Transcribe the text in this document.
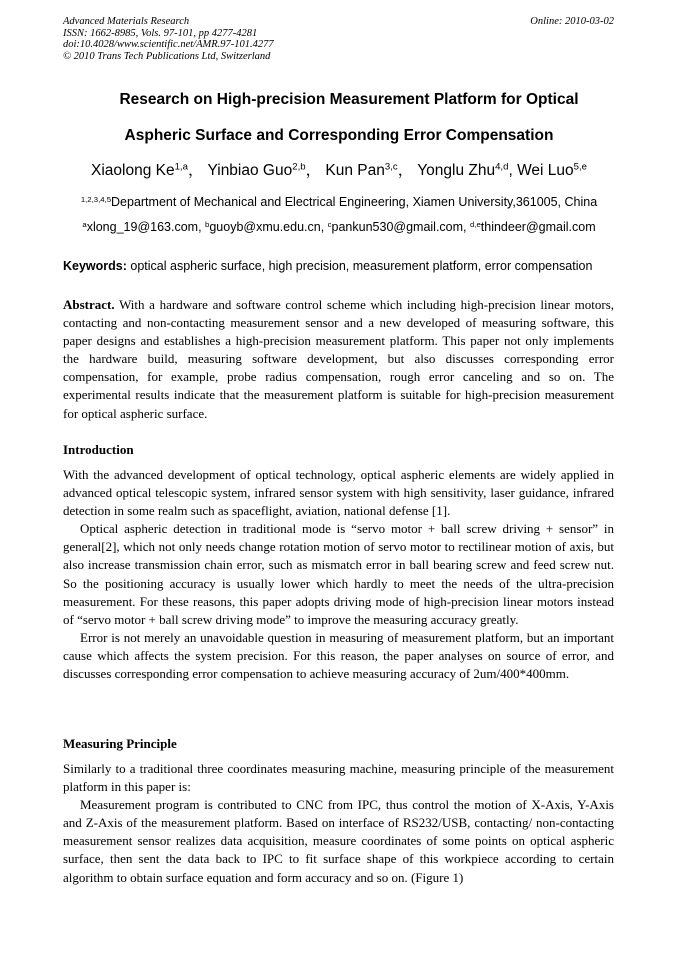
Advanced Materials Research
ISSN: 1662-8985, Vols. 97-101, pp 4277-4281
doi:10.4028/www.scientific.net/AMR.97-101.4277
© 2010 Trans Tech Publications Ltd, Switzerland
Online: 2010-03-02
Research on High-precision Measurement Platform for Optical
Aspheric Surface and Corresponding Error Compensation
Xiaolong Ke$^{1,a}$， Yinbiao Guo$^{2,b}$， Kun Pan$^{3,c}$， Yonglu Zhu$^{4,d}$, Wei Luo$^{5,e}$
$^{1,2,3,4,5}$Department of Mechanical and Electrical Engineering, Xiamen University,361005, China
$^a$xlong_19@163.com, $^b$guoyb@xmu.edu.cn, $^c$pankun530@gmail.com, $^{d,e}$thindeer@gmail.com
Keywords: optical aspheric surface, high precision, measurement platform, error compensation

Abstract. With a hardware and software control scheme which including high-precision linear motors, contacting and non-contacting measurement sensor and a new developed of measuring software, this paper designs and establishes a high-precision measurement platform. This paper not only implements the hardware build, measuring software development, but also discusses corresponding error compensation, for example, probe radius compensation, rough error canceling and so on. The experimental results indicate that the measurement platform is suitable for high-precision measurement for optical aspheric surface.

Introduction

With the advanced development of optical technology, optical aspheric elements are widely applied in advanced optical telescopic system, infrared sensor system with high sensitivity, laser guidance, infrared detection in some realm such as spaceflight, aviation, national defense [1].

Optical aspheric detection in traditional mode is “servo motor + ball screw driving + sensor” in general[2], which not only needs change rotation motion of servo motor to rectilinear motion of axis, but also increase transmission chain error, such as mismatch error in ball bearing screw and feed screw nut. So the positioning accuracy is usually lower which hardly to meet the needs of the ultra-precision measurement. For these reasons, this paper adopts driving mode of high-precision linear motors instead of “servo motor + ball screw driving mode” to improve the measuring accuracy greatly.

Error is not merely an unavoidable question in measuring of measurement platform, but an important cause which affects the system precision. For this reason, the paper analyses on source of error, and discusses corresponding error compensation to achieve measuring accuracy of 2um/400*400mm.

Measuring Principle

Similarly to a traditional three coordinates measuring machine, measuring principle of the measurement platform in this paper is:

Measurement program is contributed to CNC from IPC, thus control the motion of X-Axis, Y-Axis and Z-Axis of the measurement platform. Based on interface of RS232/USB, contacting/ non-contacting measurement sensor realizes data acquisition, measure coordinates of some points on optical aspheric surface, then sent the data back to IPC to fit surface shape of this workpiece according to certain algorithm to obtain surface equation and form accuracy and so on. (Figure 1)
